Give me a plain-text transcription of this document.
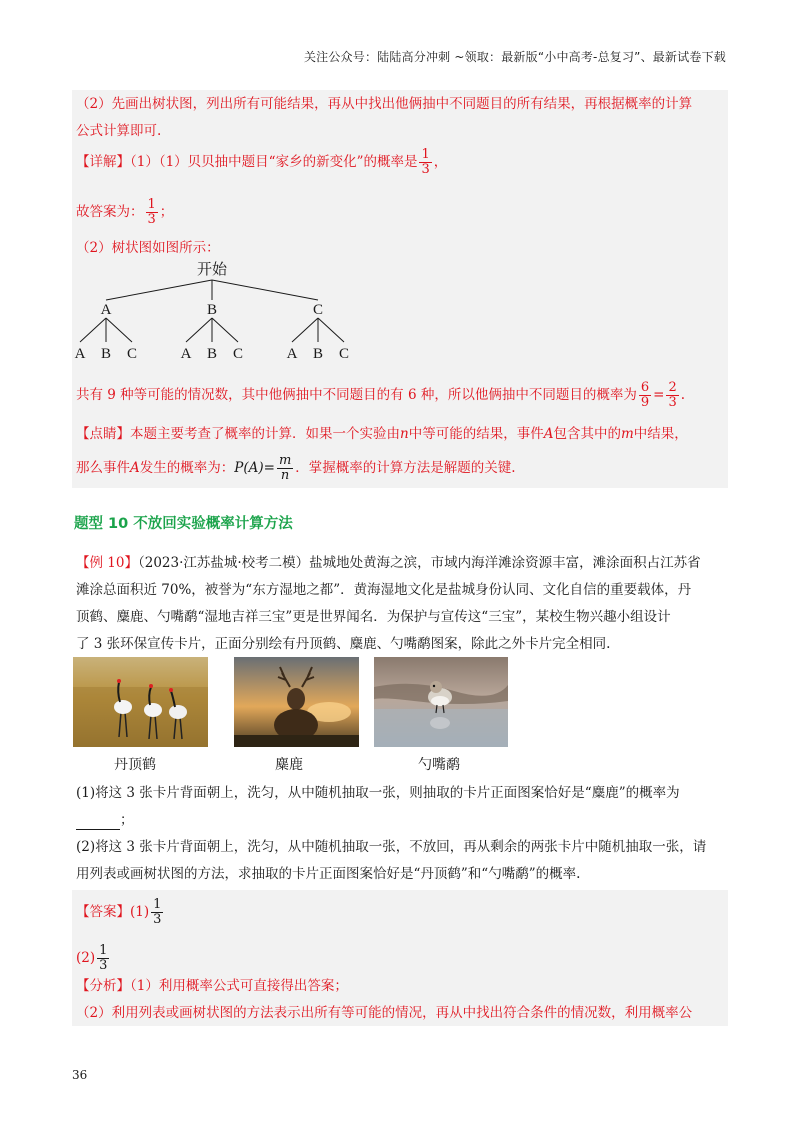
关注公众号：陆陆高分冲刺 ~领取：最新版“小中高考-总复习”、最新试卷下载
（2）先画出树状图，列出所有可能结果，再从中找出他俩抽中不同题目的所有结果，再根据概率的计算
公式计算即可.
【详解】（1）（1）贝贝抽中题目“家乡的新变化”的概率是 $\frac{1}{3}$ ，
故答案为： $\frac{1}{3}$ ；
（2）树状图如图所示：
开始
A	B	C
A B C	A B C	A B C
共有 9 种等可能的情况数，其中他俩抽中不同题目的有 6 种，所以他俩抽中不同题目的概率为 $\frac{6}{9} = \frac{2}{3}$ .
【点睛】本题主要考查了概率的计算．如果一个实验由n中等可能的结果，事件A包含其中的m中结果，
那么事件A发生的概率为：$P(A)= \frac{m}{n}$ ．掌握概率的计算方法是解题的关键.
题型 10 不放回实验概率计算方法
【例 10】（2023·江苏盐城·校考二模）盐城地处黄海之滨，市域内海洋滩涂资源丰富，滩涂面积占江苏省
滩涂总面积近 70%，被誉为“东方湿地之都”．黄海湿地文化是盐城身份认同、文化自信的重要载体，丹
顶鹤、麋鹿、勺嘴鹬“湿地吉祥三宝”更是世界闻名．为保护与宣传这“三宝”，某校生物兴趣小组设计
了 3 张环保宣传卡片，正面分别绘有丹顶鹤、麋鹿、勺嘴鹬图案，除此之外卡片完全相同.
丹顶鹤	麋鹿	勺嘴鹬
(1)将这 3 张卡片背面朝上，洗匀，从中随机抽取一张，则抽取的卡片正面图案恰好是“麋鹿”的概率为
；
(2)将这 3 张卡片背面朝上，洗匀，从中随机抽取一张，不放回，再从剩余的两张卡片中随机抽取一张，请
用列表或画树状图的方法，求抽取的卡片正面图案恰好是“丹顶鹤”和“勺嘴鹬”的概率.
【答案】$(1) \frac{1}{3}$
$(2) \frac{1}{3}$
【分析】（1）利用概率公式可直接得出答案；
（2）利用列表或画树状图的方法表示出所有等可能的情况，再从中找出符合条件的情况数，利用概率公
36
